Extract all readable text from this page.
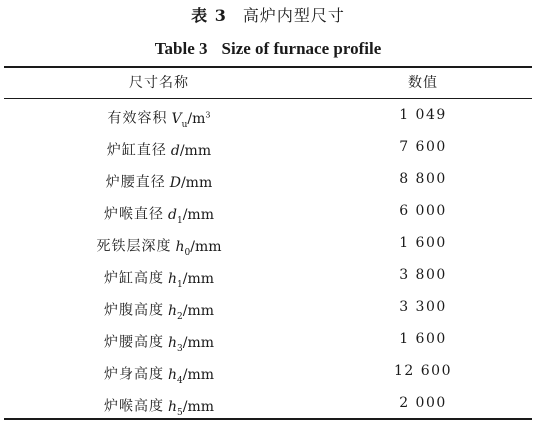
表 3 高炉内型尺寸
Table 3 Size of furnace profile
尺寸名称	数值
有效容积 $V_u/m^3$	1 049
炉缸直径 d/mm	7 600
炉腰直径 D/mm	8 800
炉喉直径 $d_1/mm$	6 000
死铁层深度 $h_0/mm$	1 600
炉缸高度 $h_1/mm$	3 800
炉腹高度 $h_2/mm$	3 300
炉腰高度 $h_3/mm$	1 600
炉身高度 $h_4/mm$	12 600
炉喉高度 $h_5/mm$	2 000
